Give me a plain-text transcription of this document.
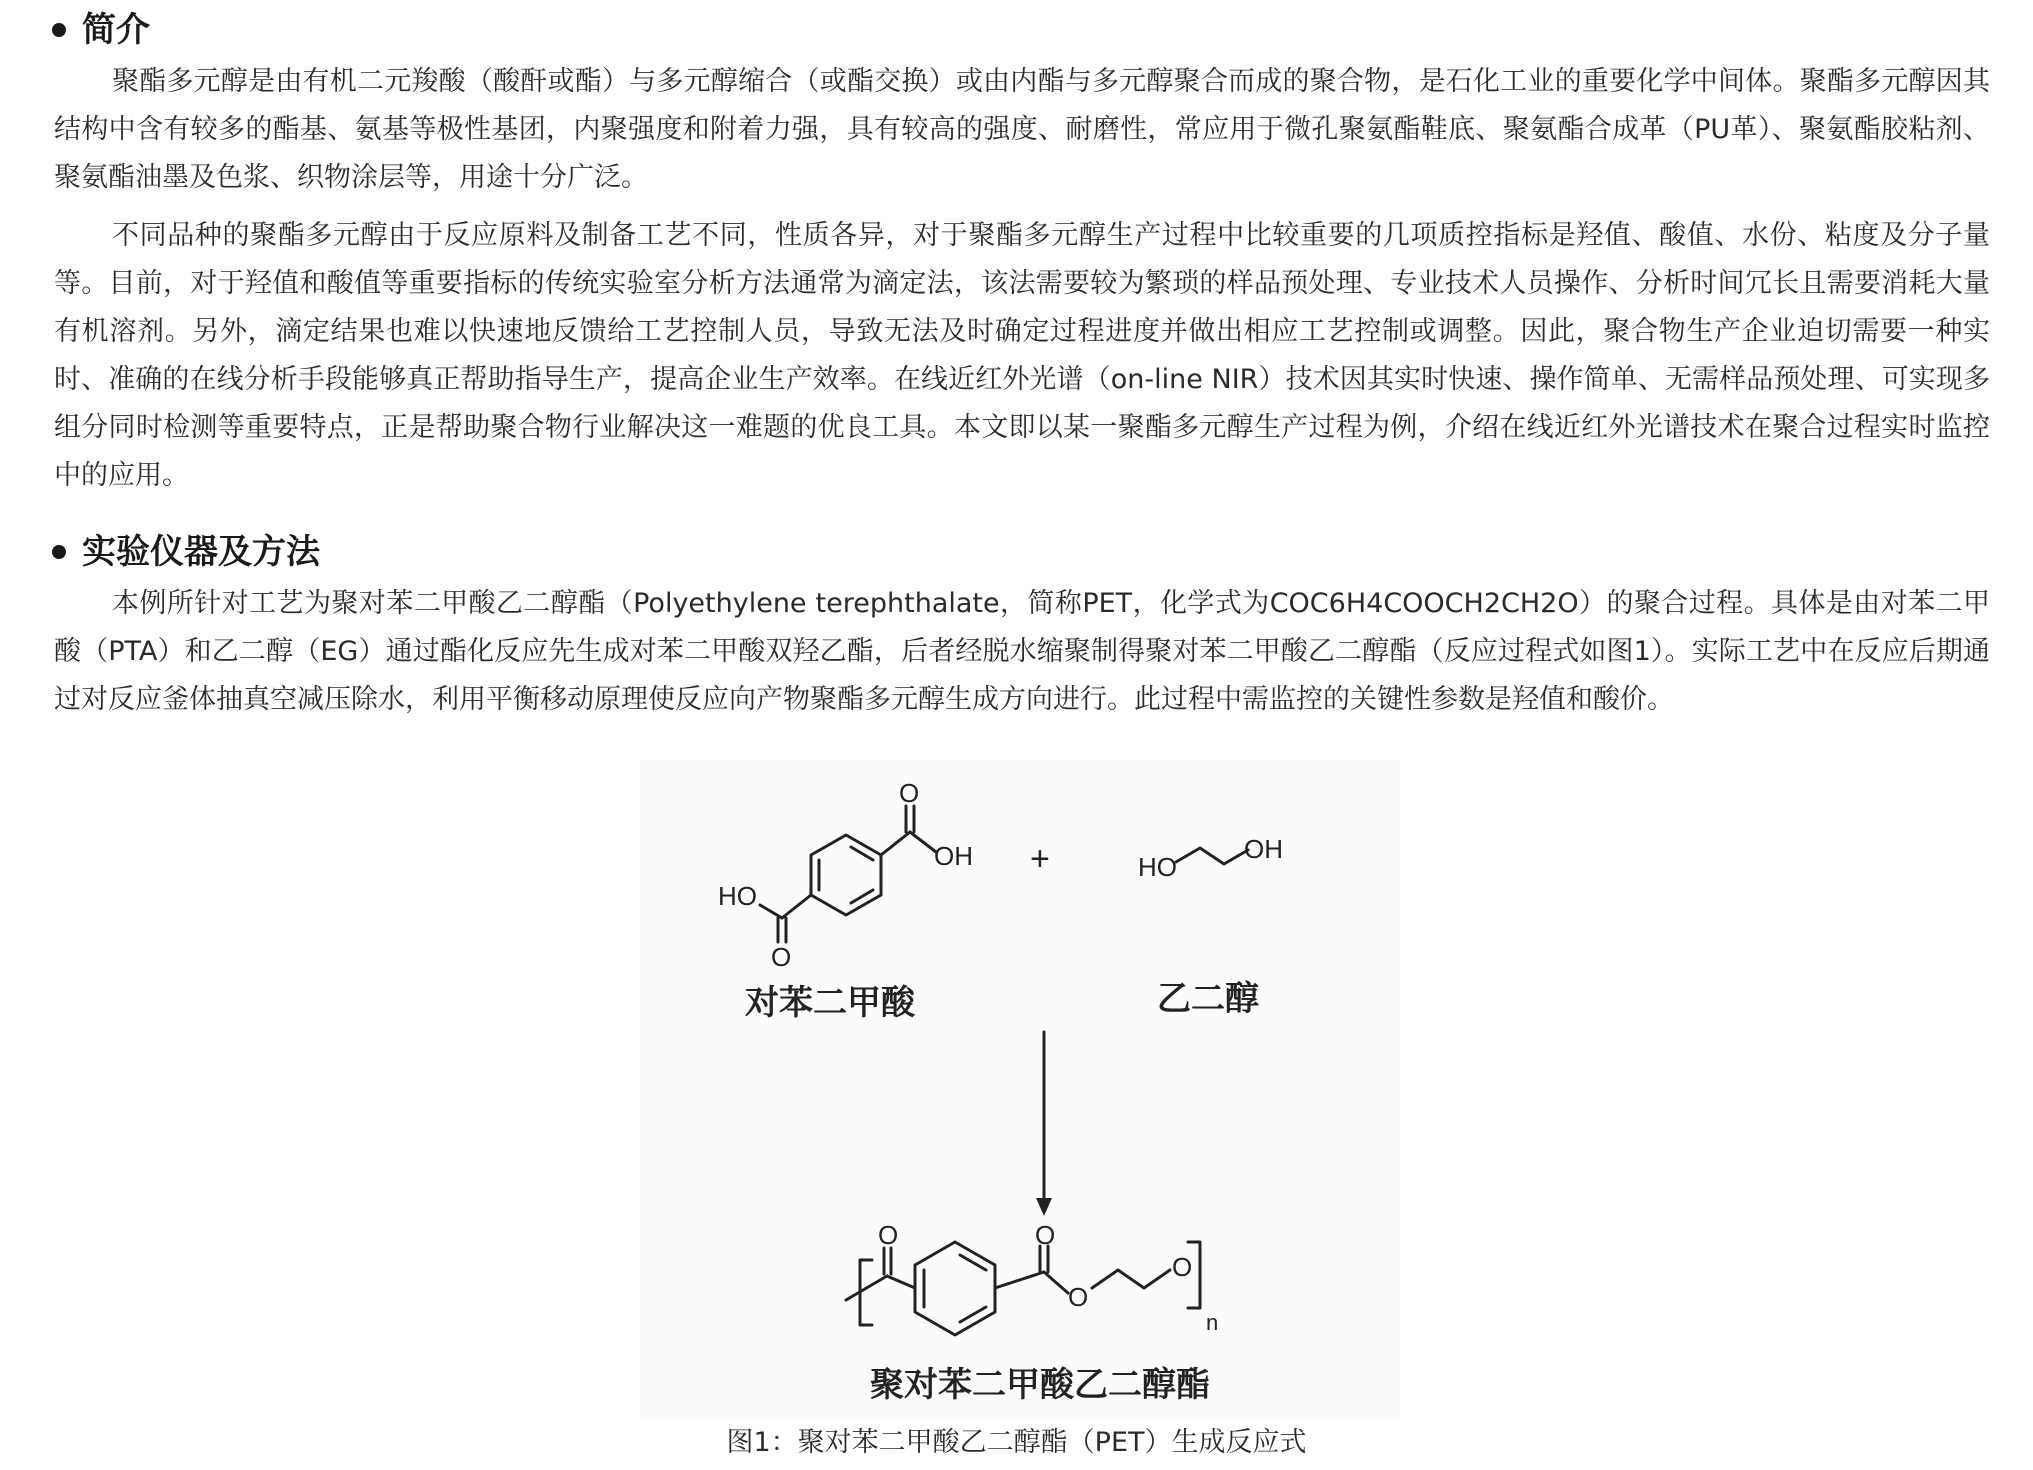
简介

聚酯多元醇是由有机二元羧酸（酸酐或酯）与多元醇缩合（或酯交换）或由内酯与多元醇聚合而成的聚合物，是石化工业的重要化学中间体。聚酯多元醇因其结构中含有较多的酯基、氨基等极性基团，内聚强度和附着力强，具有较高的强度、耐磨性，常应用于微孔聚氨酯鞋底、聚氨酯合成革（PU革）、聚氨酯胶粘剂、聚氨酯油墨及色浆、织物涂层等，用途十分广泛。

不同品种的聚酯多元醇由于反应原料及制备工艺不同，性质各异，对于聚酯多元醇生产过程中比较重要的几项质控指标是羟值、酸值、水份、粘度及分子量等。目前，对于羟值和酸值等重要指标的传统实验室分析方法通常为滴定法，该法需要较为繁琐的样品预处理、专业技术人员操作、分析时间冗长且需要消耗大量有机溶剂。另外，滴定结果也难以快速地反馈给工艺控制人员，导致无法及时确定过程进度并做出相应工艺控制或调整。因此，聚合物生产企业迫切需要一种实时、准确的在线分析手段能够真正帮助指导生产，提高企业生产效率。在线近红外光谱（on-line NIR）技术因其实时快速、操作简单、无需样品预处理、可实现多组分同时检测等重要特点，正是帮助聚合物行业解决这一难题的优良工具。本文即以某一聚酯多元醇生产过程为例，介绍在线近红外光谱技术在聚合过程实时监控中的应用。

实验仪器及方法

本例所针对工艺为聚对苯二甲酸乙二醇酯（Polyethylene terephthalate，简称PET，化学式为COC6H4COOCH2CH2O）的聚合过程。具体是由对苯二甲酸（PTA）和乙二醇（EG）通过酯化反应先生成对苯二甲酸双羟乙酯，后者经脱水缩聚制得聚对苯二甲酸乙二醇酯（反应过程式如图1）。实际工艺中在反应后期通过对反应釜体抽真空减压除水，利用平衡移动原理使反应向产物聚酯多元醇生成方向进行。此过程中需监控的关键性参数是羟值和酸价。

O
OH
HO
O
+	HO
OH
O	O
O
O
n
对苯二甲酸	乙二醇
聚对苯二甲酸乙二醇酯
图1：聚对苯二甲酸乙二醇酯（PET）生成反应式
